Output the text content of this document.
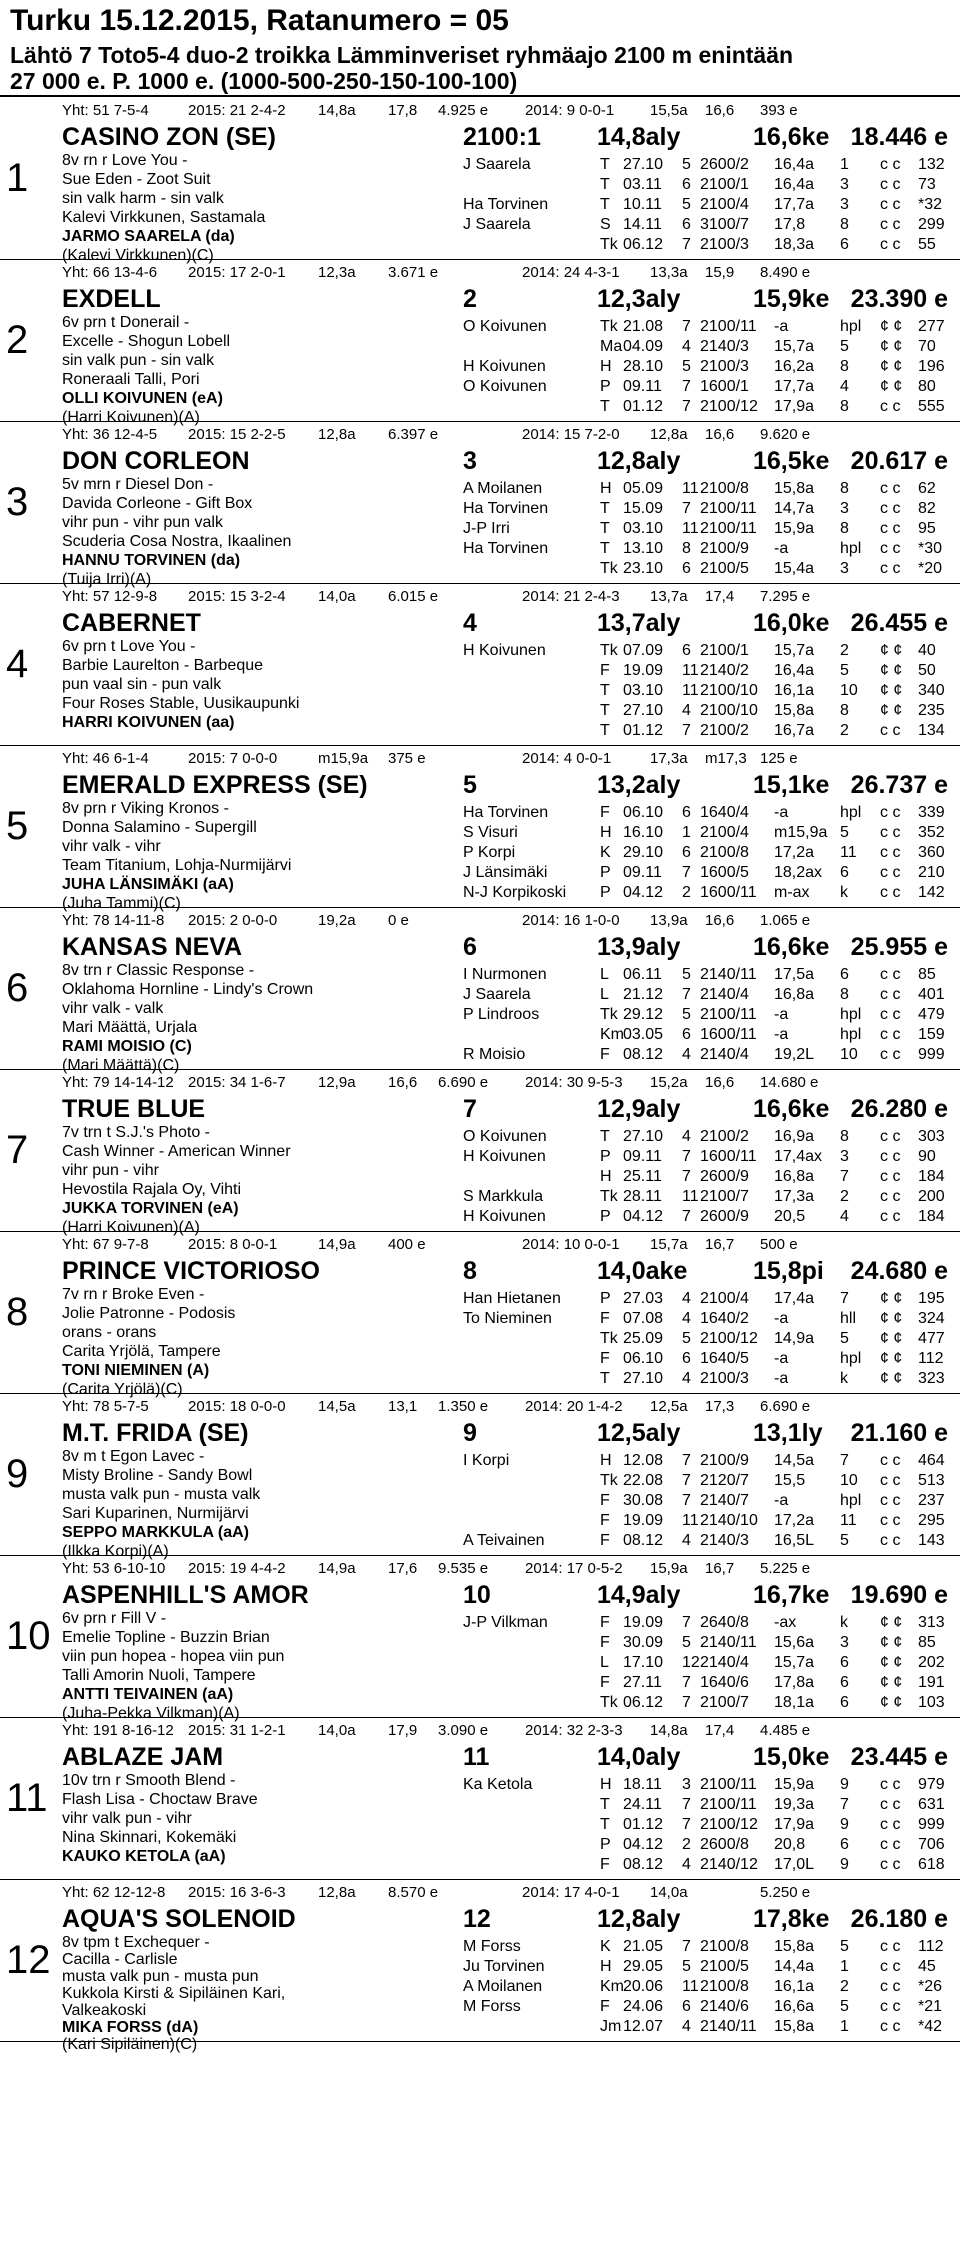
Turku 15.12.2015, Ratanumero = 05
Lähtö 7 Toto5-4 duo-2 troikka Lämminveriset ryhmäajo 2100 m enintään
27 000 e. P. 1000 e. (1000-500-250-150-100-100)
Yht: 51 7-5-4	2015: 21 2-4-2 14,8a 17,8 4.925 e 2014: 9 0-0-1 15,5a 16,6 393 e
CASINO ZON (SE)	2100:1 14,8aly	16,6ke 18.446 e
1 8v rn r Love You -
Sue Eden - Zoot Suit
sin valk harm - sin valk
Kalevi Virkkunen, Sastamala
JARMO SAARELA (da)
(Kalevi Virkkunen)(C)
J Saarela	T 27.10 5 2600/2 16,4a 1 c c 132
T 03.11 6 2100/1 16,4a 3 c c 73
Ha Torvinen	T 10.11 5 2100/4 17,7a 3 c c *32
J Saarela	S 14.11 6 3100/7 17,8 8 c c 299
Tk 06.12 7 2100/3 18,3a 6 c c 55
Yht: 66 13-4-6 2015: 17 2-0-1 12,3a 3.671 e	2014: 24 4-3-1 13,3a 15,9 8.490 e
EXDELL	2	12,3aly	15,9ke 23.390 e
2 6v prn t Donerail -
Excelle - Shogun Lobell
sin valk pun - sin valk
Roneraali Talli, Pori
OLLI KOIVUNEN (eA)
(Harri Koivunen)(A)
O Koivunen	Tk 21.08 7 2100/11 -a	hpl ¢ ¢ 277
Ma 04.09 4 2140/3 15,7a 5 ¢ ¢ 70
H Koivunen	H 28.10 5 2100/3 16,2a 8 ¢ ¢ 196
O Koivunen	P 09.11 7 1600/1 17,7a 4 ¢ ¢ 80
T 01.12 7 2100/12 17,9a 8 c c 555
Yht: 36 12-4-5 2015: 15 2-2-5 12,8a 6.397 e	2014: 15 7-2-0 12,8a 16,6 9.620 e
DON CORLEON	3	12,8aly	16,5ke 20.617 e
3 5v mrn r Diesel Don -
Davida Corleone - Gift Box
vihr pun - vihr pun valk
Scuderia Cosa Nostra, Ikaalinen
HANNU TORVINEN (da)
(Tuija Irri)(A)
A Moilanen	H 05.09 11 2100/8 15,8a 8 c c 62
Ha Torvinen	T 15.09 7 2100/11 14,7a 3 c c 82
J-P Irri	T 03.10 11 2100/11 15,9a 8 c c 95
Ha Torvinen	T 13.10 8 2100/9 -a	hpl c c *30
Tk 23.10 6 2100/5 15,4a 3 c c *20
Yht: 57 12-9-8 2015: 15 3-2-4 14,0a 6.015 e	2014: 21 2-4-3 13,7a 17,4 7.295 e
CABERNET	4	13,7aly	16,0ke 26.455 e
4 6v prn t Love You -
Barbie Laurelton - Barbeque
pun vaal sin - pun valk
Four Roses Stable, Uusikaupunki
HARRI KOIVUNEN (aa)
H Koivunen	Tk 07.09 6 2100/1 15,7a 2 ¢ ¢ 40
F 19.09 11 2140/2 16,4a 5 ¢ ¢ 50
T 03.10 11 2100/10 16,1a 10 ¢ ¢ 340
T 27.10 4 2100/10 15,8a 8 ¢ ¢ 235
T 01.12 7 2100/2 16,7a 2 c c 134
Yht: 46 6-1-4	2015: 7 0-0-0	m15,9a 375 e	2014: 4 0-0-1	17,3a m17,3 125 e
EMERALD EXPRESS (SE)	5	13,2aly	15,1ke 26.737 e
5 8v prn r Viking Kronos -
Donna Salamino - Supergill
vihr valk - vihr
Team Titanium, Lohja-Nurmijärvi
JUHA LÄNSIMÄKI (aA)
(Juha Tammi)(C)
Ha Torvinen	F 06.10 6 1640/4 -a	hpl c c 339
S Visuri	H 16.10 1 2100/4 m15,9a 5 c c 352
P Korpi	K 29.10 6 2100/8 17,2a 11 c c 360
J Länsimäki	P 09.11 7 1600/5 18,2ax 6 c c 210
N-J Korpikoski P 04.12 2 1600/11 m-ax k c c 142
Yht: 78 14-11-8 2015: 2 0-0-0	19,2a 0 e	2014: 16 1-0-0 13,9a 16,6 1.065 e
KANSAS NEVA	6	13,9aly	16,6ke 25.955 e
6 8v trn r Classic Response -
Oklahoma Hornline - Lindy's Crown
vihr valk - valk
Mari Määttä, Urjala
RAMI MOISIO (C)
(Mari Määttä)(C)
I Nurmonen	L 06.11 5 2140/11 17,5a 6 c c 85
J Saarela	L 21.12 7 2140/4 16,8a 8 c c 401
P Lindroos	Tk 29.12 5 2100/11 -a	hpl c c 479
Km 03.05 6 1600/11 -a	hpl c c 159
R Moisio	F 08.12 4 2140/4 19,2L 10 c c 999
Yht: 79 14-14-12 2015: 34 1-6-7 12,9a 16,6 6.690 e 2014: 30 9-5-3 15,2a 16,6 14.680 e
TRUE BLUE	7	12,9aly	16,6ke 26.280 e
7 7v trn t S.J.'s Photo -
Cash Winner - American Winner
vihr pun - vihr
Hevostila Rajala Oy, Vihti
JUKKA TORVINEN (eA)
(Harri Koivunen)(A)
O Koivunen	T 27.10 4 2100/2 16,9a 8 c c 303
H Koivunen	P 09.11 7 1600/11 17,4ax 3 c c 90
H 25.11 7 2600/9 16,8a 7 c c 184
S Markkula	Tk 28.11 11 2100/7 17,3a 2 c c 200
H Koivunen	P 04.12 7 2600/9 20,5 4 c c 184
Yht: 67 9-7-8	2015: 8 0-0-1	14,9a 400 e	2014: 10 0-0-1 15,7a 16,7 500 e
PRINCE VICTORIOSO	8	14,0ake	15,8pi 24.680 e
8 7v rn r Broke Even -
Jolie Patronne - Podosis
orans - orans
Carita Yrjölä, Tampere
TONI NIEMINEN (A)
(Carita Yrjölä)(C)
Han Hietanen P 27.03 4 2100/4 17,4a 7 ¢ ¢ 195
To Nieminen	F 07.08 4 1640/2 -a	hll ¢ ¢ 324
Tk 25.09 5 2100/12 14,9a 5 ¢ ¢ 477
F 06.10 6 1640/5 -a	hpl ¢ ¢ 112
T 27.10 4 2100/3 -a	k ¢ ¢ 323
Yht: 78 5-7-5	2015: 18 0-0-0 14,5a 13,1 1.350 e 2014: 20 1-4-2 12,5a 17,3 6.690 e
M.T. FRIDA (SE)	9	12,5aly	13,1ly 21.160 e
9 8v m t Egon Lavec -
Misty Broline - Sandy Bowl
musta valk pun - musta valk
Sari Kuparinen, Nurmijärvi
SEPPO MARKKULA (aA)
(Ilkka Korpi)(A)
I Korpi	H 12.08 7 2100/9 14,5a 7 c c 464
Tk 22.08 7 2120/7 15,5 10 c c 513
F 30.08 7 2140/7 -a	hpl c c 237
F 19.09 11 2140/10 17,2a 11 c c 295
A Teivainen	F 08.12 4 2140/3 16,5L 5 c c 143
Yht: 53 6-10-10 2015: 19 4-4-2 14,9a 17,6 9.535 e 2014: 17 0-5-2 15,9a 16,7 5.225 e
ASPENHILL'S AMOR	10	14,9aly	16,7ke 19.690 e
10 6v prn r Fill V -
Emelie Topline - Buzzin Brian
viin pun hopea - hopea viin pun
Talli Amorin Nuoli, Tampere
ANTTI TEIVAINEN (aA)
(Juha-Pekka Vilkman)(A)
J-P Vilkman	F 19.09 7 2640/8 -ax	k ¢ ¢ 313
F 30.09 5 2140/11 15,6a 3 ¢ ¢ 85
L 17.10 12 2140/4 15,7a 6 ¢ ¢ 202
F 27.11 7 1640/6 17,8a 6 ¢ ¢ 191
Tk 06.12 7 2100/7 18,1a 6 ¢ ¢ 103
Yht: 191 8-16-12 2015: 31 1-2-1 14,0a 17,9 3.090 e 2014: 32 2-3-3 14,8a 17,4 4.485 e
ABLAZE JAM	11	14,0aly	15,0ke 23.445 e
11 10v trn r Smooth Blend -
Flash Lisa - Choctaw Brave
vihr valk pun - vihr
Nina Skinnari, Kokemäki
KAUKO KETOLA (aA)
Ka Ketola	H 18.11 3 2100/11 15,9a 9 c c 979
T 24.11 7 2100/11 19,3a 7 c c 631
T 01.12 7 2100/12 17,9a 9 c c 999
P 04.12 2 2600/8 20,8 6 c c 706
F 08.12 4 2140/12 17,0L 9 c c 618
Yht: 62 12-12-8 2015: 16 3-6-3 12,8a 8.570 e	2014: 17 4-0-1 14,0a	5.250 e
AQUA'S SOLENOID	12	12,8aly	17,8ke 26.180 e
12 8v tpm t Exchequer -
Cacilla - Carlisle
musta valk pun - musta pun
Kukkola Kirsti & Sipiläinen Kari,
Valkeakoski
MIKA FORSS (dA)
(Kari Sipiläinen)(C)
M Forss	K 21.05 7 2100/8 15,8a 5 c c 112
Ju Torvinen	H 29.05 5 2100/5 14,4a 1 c c 45
A Moilanen	Km 20.06 11 2100/8 16,1a 2 c c *26
M Forss	F 24.06 6 2140/6 16,6a 5 c c *21
Jm 12.07 4 2140/11 15,8a 1 c c *42
